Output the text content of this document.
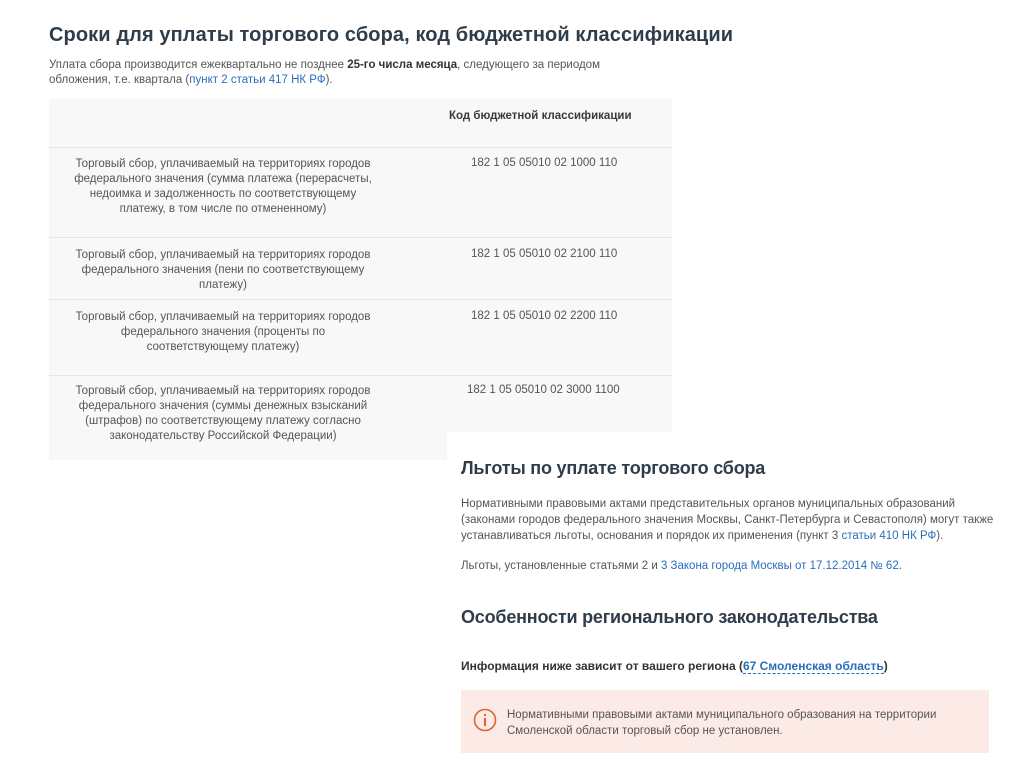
Сроки для уплаты торгового сбора, код бюджетной классификации
Уплата сбора производится ежеквартально не позднее 25-го числа месяца, следующего за периодом обложения, т.е. квартала (пункт 2 статьи 417 НК РФ).
Код бюджетной классификации
Торговый сбор, уплачиваемый на территориях городов федерального значения (сумма платежа (перерасчеты, недоимка и задолженность по соответствующему платежу, в том числе по отмененному)
182 1 05 05010 02 1000 110
Торговый сбор, уплачиваемый на территориях городов федерального значения (пени по соответствующему платежу)
182 1 05 05010 02 2100 110
Торговый сбор, уплачиваемый на территориях городов федерального значения (проценты по соответствующему платежу)
182 1 05 05010 02 2200 110
Торговый сбор, уплачиваемый на территориях городов федерального значения (суммы денежных взысканий (штрафов) по соответствующему платежу согласно законодательству Российской Федерации)
182 1 05 05010 02 3000 1100
Льготы по уплате торгового сбора
Нормативными правовыми актами представительных органов муниципальных образований (законами городов федерального значения Москвы, Санкт-Петербурга и Севастополя) могут также устанавливаться льготы, основания и порядок их применения (пункт 3 статьи 410 НК РФ).
Льготы, установленные статьями 2 и 3 Закона города Москвы от 17.12.2014 № 62.
Особенности регионального законодательства
Информация ниже зависит от вашего региона (67 Смоленская область)
Нормативными правовыми актами муниципального образования на территории Смоленской области торговый сбор не установлен.
